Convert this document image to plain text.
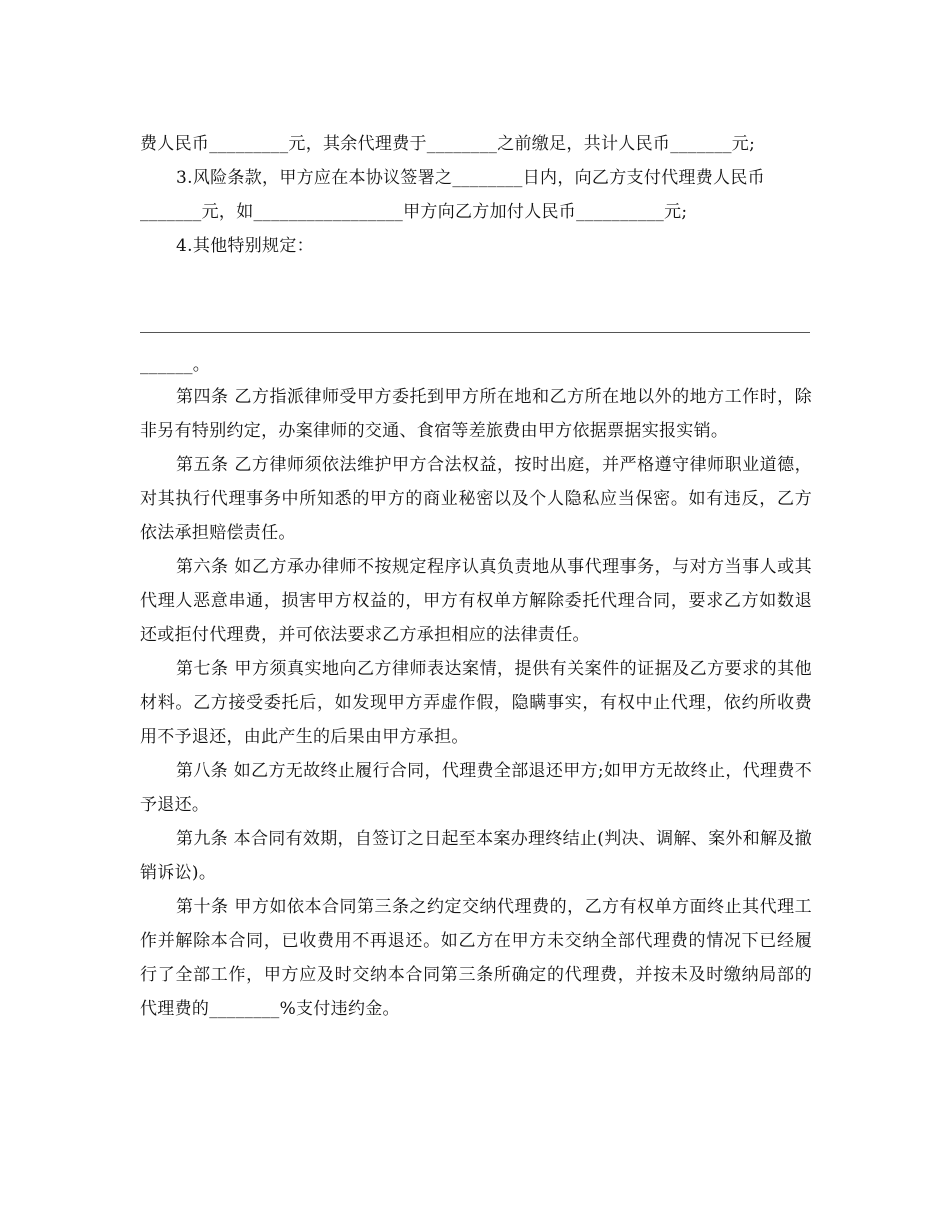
费人民币_________元，其余代理费于________之前缴足，共计人民币_______元;

3.风险条款，甲方应在本协议签署之________日内，向乙方支付代理费人民币

_______元，如_________________甲方向乙方加付人民币__________元;

4.其他特别规定：

______。

第四条 乙方指派律师受甲方委托到甲方所在地和乙方所在地以外的地方工作时，除非另有特别约定，办案律师的交通、食宿等差旅费由甲方依据票据实报实销。

第五条 乙方律师须依法维护甲方合法权益，按时出庭，并严格遵守律师职业道德，对其执行代理事务中所知悉的甲方的商业秘密以及个人隐私应当保密。如有违反，乙方依法承担赔偿责任。

第六条 如乙方承办律师不按规定程序认真负责地从事代理事务，与对方当事人或其代理人恶意串通，损害甲方权益的，甲方有权单方解除委托代理合同，要求乙方如数退还或拒付代理费，并可依法要求乙方承担相应的法律责任。

第七条 甲方须真实地向乙方律师表达案情，提供有关案件的证据及乙方要求的其他材料。乙方接受委托后，如发现甲方弄虚作假，隐瞒事实，有权中止代理，依约所收费用不予退还，由此产生的后果由甲方承担。

第八条 如乙方无故终止履行合同，代理费全部退还甲方;如甲方无故终止，代理费不予退还。

第九条 本合同有效期，自签订之日起至本案办理终结止(判决、调解、案外和解及撤销诉讼)。

第十条 甲方如依本合同第三条之约定交纳代理费的，乙方有权单方面终止其代理工作并解除本合同，已收费用不再退还。如乙方在甲方未交纳全部代理费的情况下已经履行了全部工作，甲方应及时交纳本合同第三条所确定的代理费，并按未及时缴纳局部的代理费的________%支付违约金。
